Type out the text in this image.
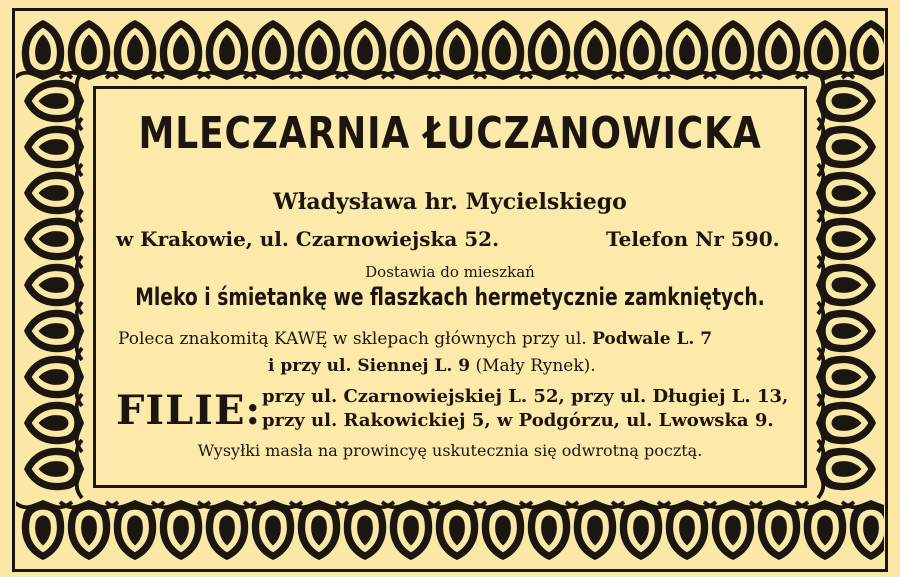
MLECZARNIA ŁUCZANOWICKA
Władysława hr. Mycielskiego
w Krakowie, ul. Czarnowiejska 52.	Telefon Nr 590.
Dostawia do mieszkań
Mleko i śmietankę we flaszkach hermetycznie zamkniętych.
Poleca znakomitą KAWĘ w sklepach głównych przy ul. Podwale L. 7
i przy ul. Siennej L. 9 (Mały Rynek).
FILIE: przy ul. Czarnowiejskiej L. 52, przy ul. Długiej L. 13,
przy ul. Rakowickiej 5, w Podgórzu, ul. Lwowska 9.
Wysyłki masła na prowincyę uskutecznia się odwrotną pocztą.
